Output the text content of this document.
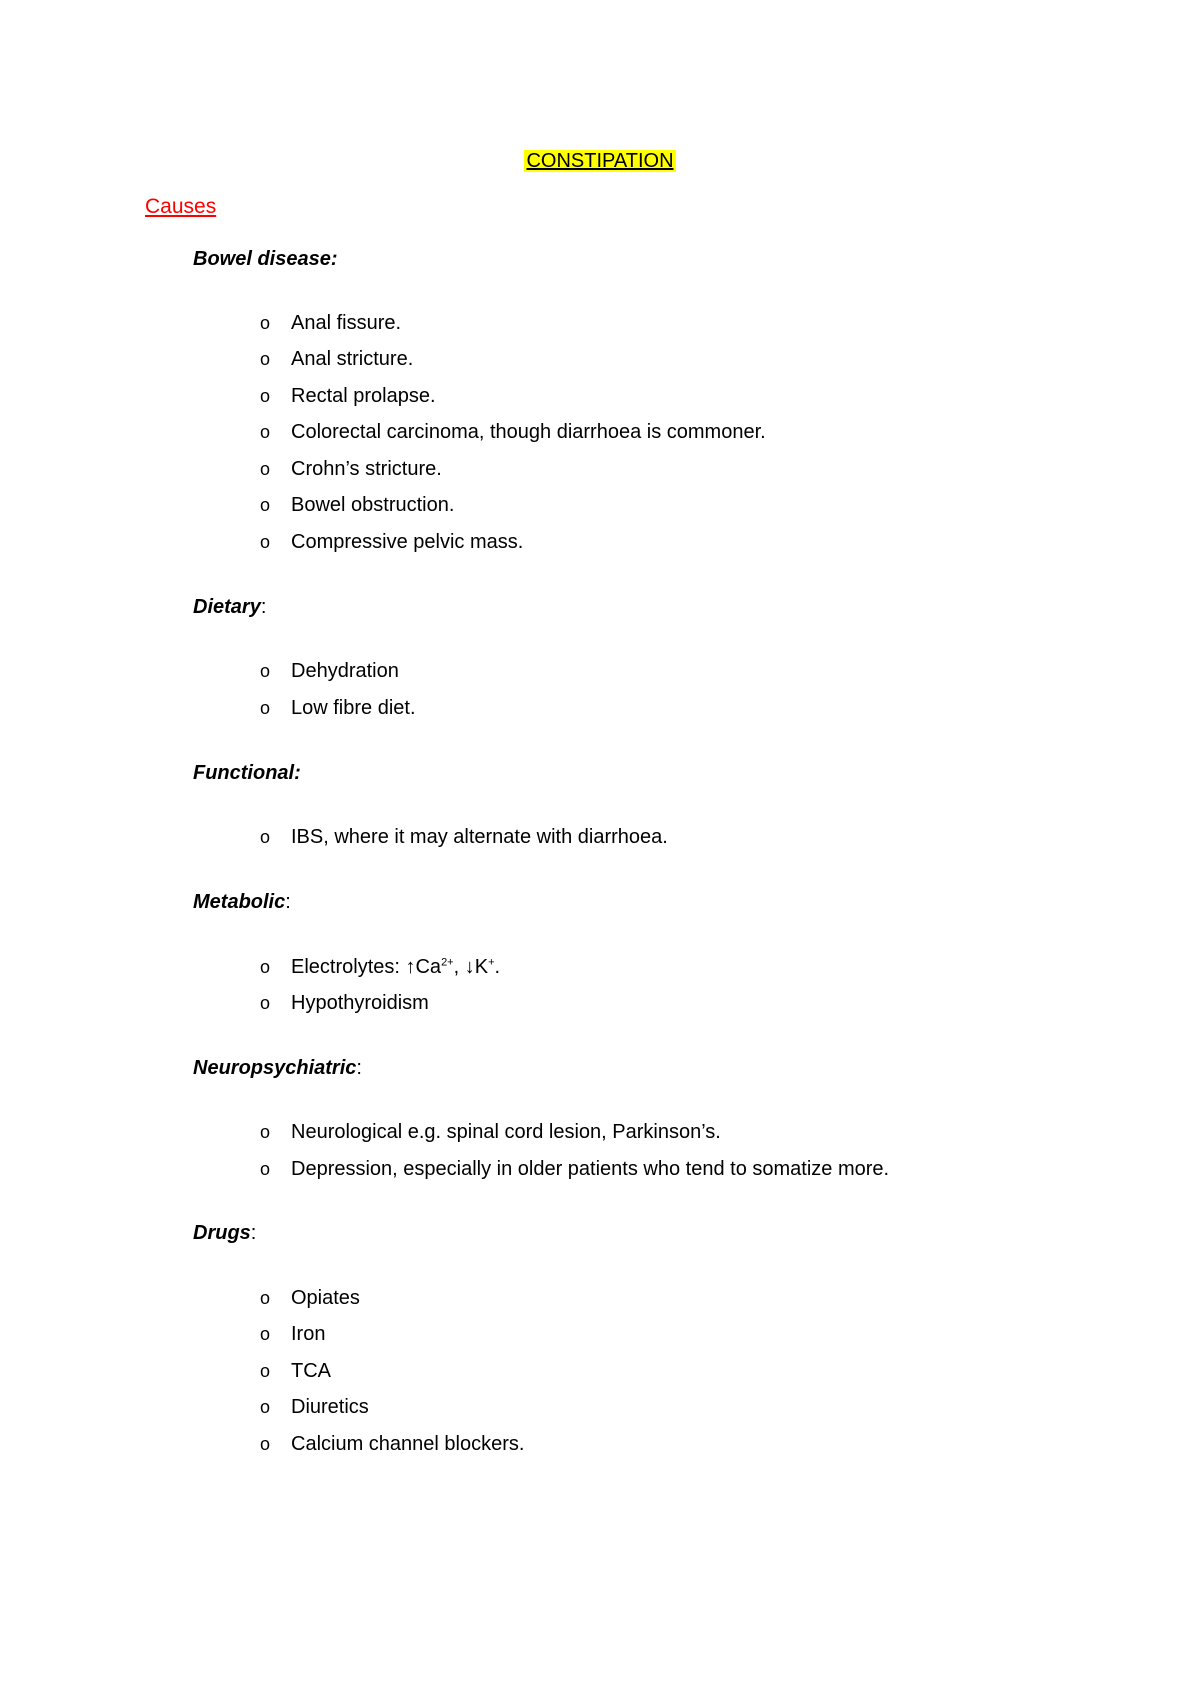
CONSTIPATION
Causes
Bowel disease:
o Anal fissure.
o Anal stricture.
o Rectal prolapse.
o Colorectal carcinoma, though diarrhoea is commoner.
o Crohn’s stricture.
o Bowel obstruction.
o Compressive pelvic mass.
Dietary:
o Dehydration
o Low fibre diet.
Functional:
o IBS, where it may alternate with diarrhoea.
Metabolic:
o Electrolytes: $↑Ca^{2+}$, ↓K+.
o Hypothyroidism
Neuropsychiatric:
o Neurological e.g. spinal cord lesion, Parkinson’s.
o Depression, especially in older patients who tend to somatize more.
Drugs:
o Opiates
o Iron
o TCA
o Diuretics
o Calcium channel blockers.
